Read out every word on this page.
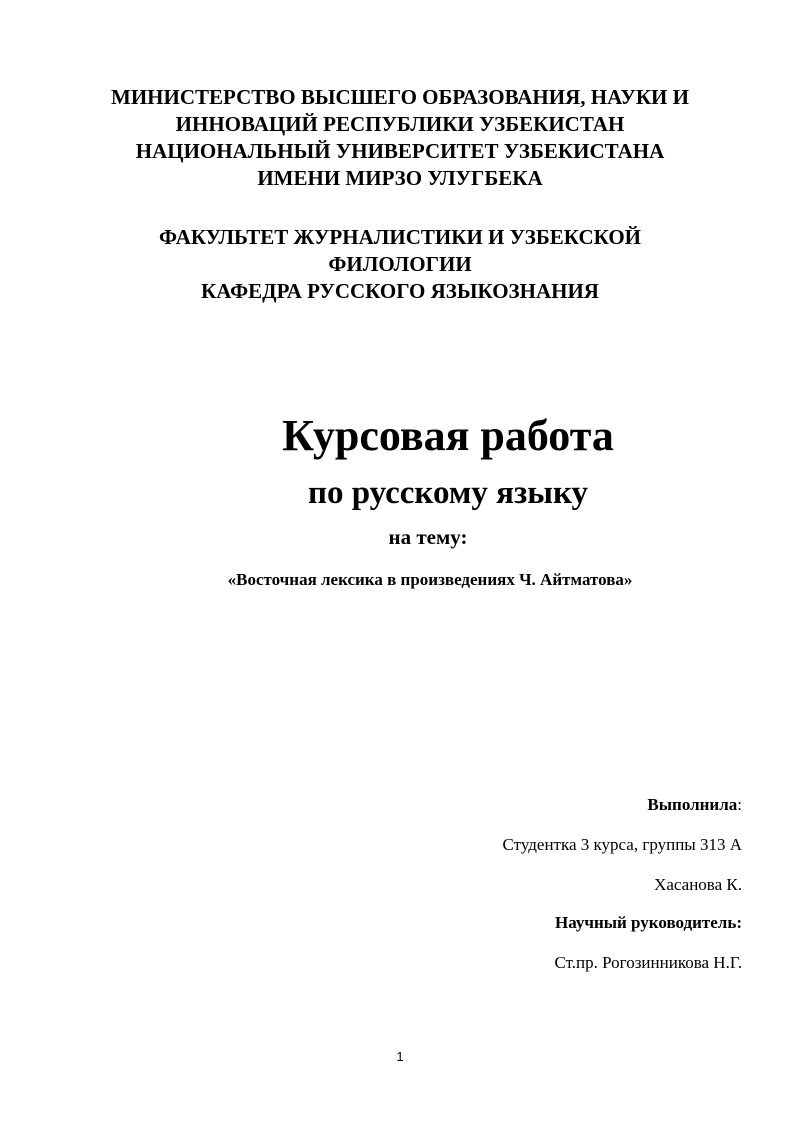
МИНИСТЕРСТВО ВЫСШЕГО ОБРАЗОВАНИЯ, НАУКИ И

ИННОВАЦИЙ РЕСПУБЛИКИ УЗБЕКИСТАН

НАЦИОНАЛЬНЫЙ УНИВЕРСИТЕТ УЗБЕКИСТАНА

ИМЕНИ МИРЗО УЛУГБЕКА

ФАКУЛЬТЕТ ЖУРНАЛИСТИКИ И УЗБЕКСКОЙ

ФИЛОЛОГИИ

КАФЕДРА РУССКОГО ЯЗЫКОЗНАНИЯ

Курсовая работа

по русскому языку

на тему:

«Восточная лексика в произведениях Ч. Айтматова»

Выполнила:

Студентка 3 курса, группы 313 А

Хасанова К.

Научный руководитель:

Ст.пр. Рогозинникова Н.Г.

1
